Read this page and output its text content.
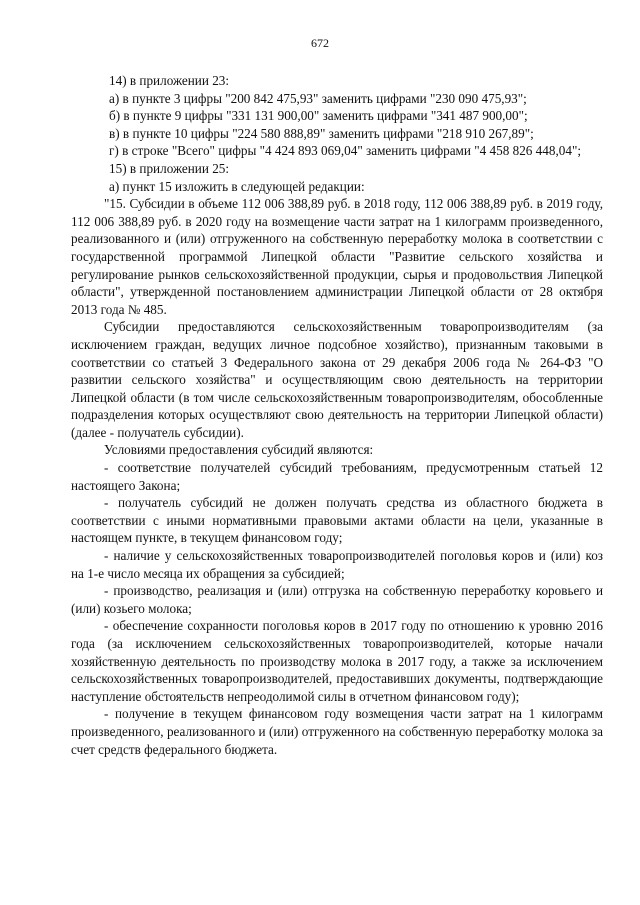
672

14) в приложении 23:

а) в пункте 3 цифры "200 842 475,93" заменить цифрами "230 090 475,93";

б) в пункте 9 цифры "331 131 900,00" заменить цифрами "341 487 900,00";

в) в пункте 10 цифры "224 580 888,89" заменить цифрами "218 910 267,89";

г) в строке "Всего" цифры "4 424 893 069,04" заменить цифрами "4 458 826 448,04";

15) в приложении 25:

а) пункт 15 изложить в следующей редакции:

"15. Субсидии в объеме 112 006 388,89 руб. в 2018 году, 112 006 388,89 руб. в 2019 году, 112 006 388,89 руб. в 2020 году на возмещение части затрат на 1 килограмм произведенного, реализованного и (или) отгруженного на собственную переработку молока в соответствии с государственной программой Липецкой области "Развитие сельского хозяйства и регулирование рынков сельскохозяйственной продукции, сырья и продовольствия Липецкой области", утвержденной постановлением администрации Липецкой области от 28 октября 2013 года № 485.

Субсидии предоставляются сельскохозяйственным товаропроизводителям (за исключением граждан, ведущих личное подсобное хозяйство), признанным таковыми в соответствии со статьей 3 Федерального закона от 29 декабря 2006 года № 264-ФЗ "О развитии сельского хозяйства" и осуществляющим свою деятельность на территории Липецкой области (в том числе сельскохозяйственным товаропроизводителям, обособленные подразделения которых осуществляют свою деятельность на территории Липецкой области) (далее - получатель субсидии).

Условиями предоставления субсидий являются:

- соответствие получателей субсидий требованиям, предусмотренным статьей 12 настоящего Закона;

- получатель субсидий не должен получать средства из областного бюджета в соответствии с иными нормативными правовыми актами области на цели, указанные в настоящем пункте, в текущем финансовом году;

- наличие у сельскохозяйственных товаропроизводителей поголовья коров и (или) коз на 1-е число месяца их обращения за субсидией;

- производство, реализация и (или) отгрузка на собственную переработку коровьего и (или) козьего молока;

- обеспечение сохранности поголовья коров в 2017 году по отношению к уровню 2016 года (за исключением сельскохозяйственных товаропроизводителей, которые начали хозяйственную деятельность по производству молока в 2017 году, а также за исключением сельскохозяйственных товаропроизводителей, предоставивших документы, подтверждающие наступление обстоятельств непреодолимой силы в отчетном финансовом году);

- получение в текущем финансовом году возмещения части затрат на 1 килограмм произведенного, реализованного и (или) отгруженного на собственную переработку молока за счет средств федерального бюджета.
